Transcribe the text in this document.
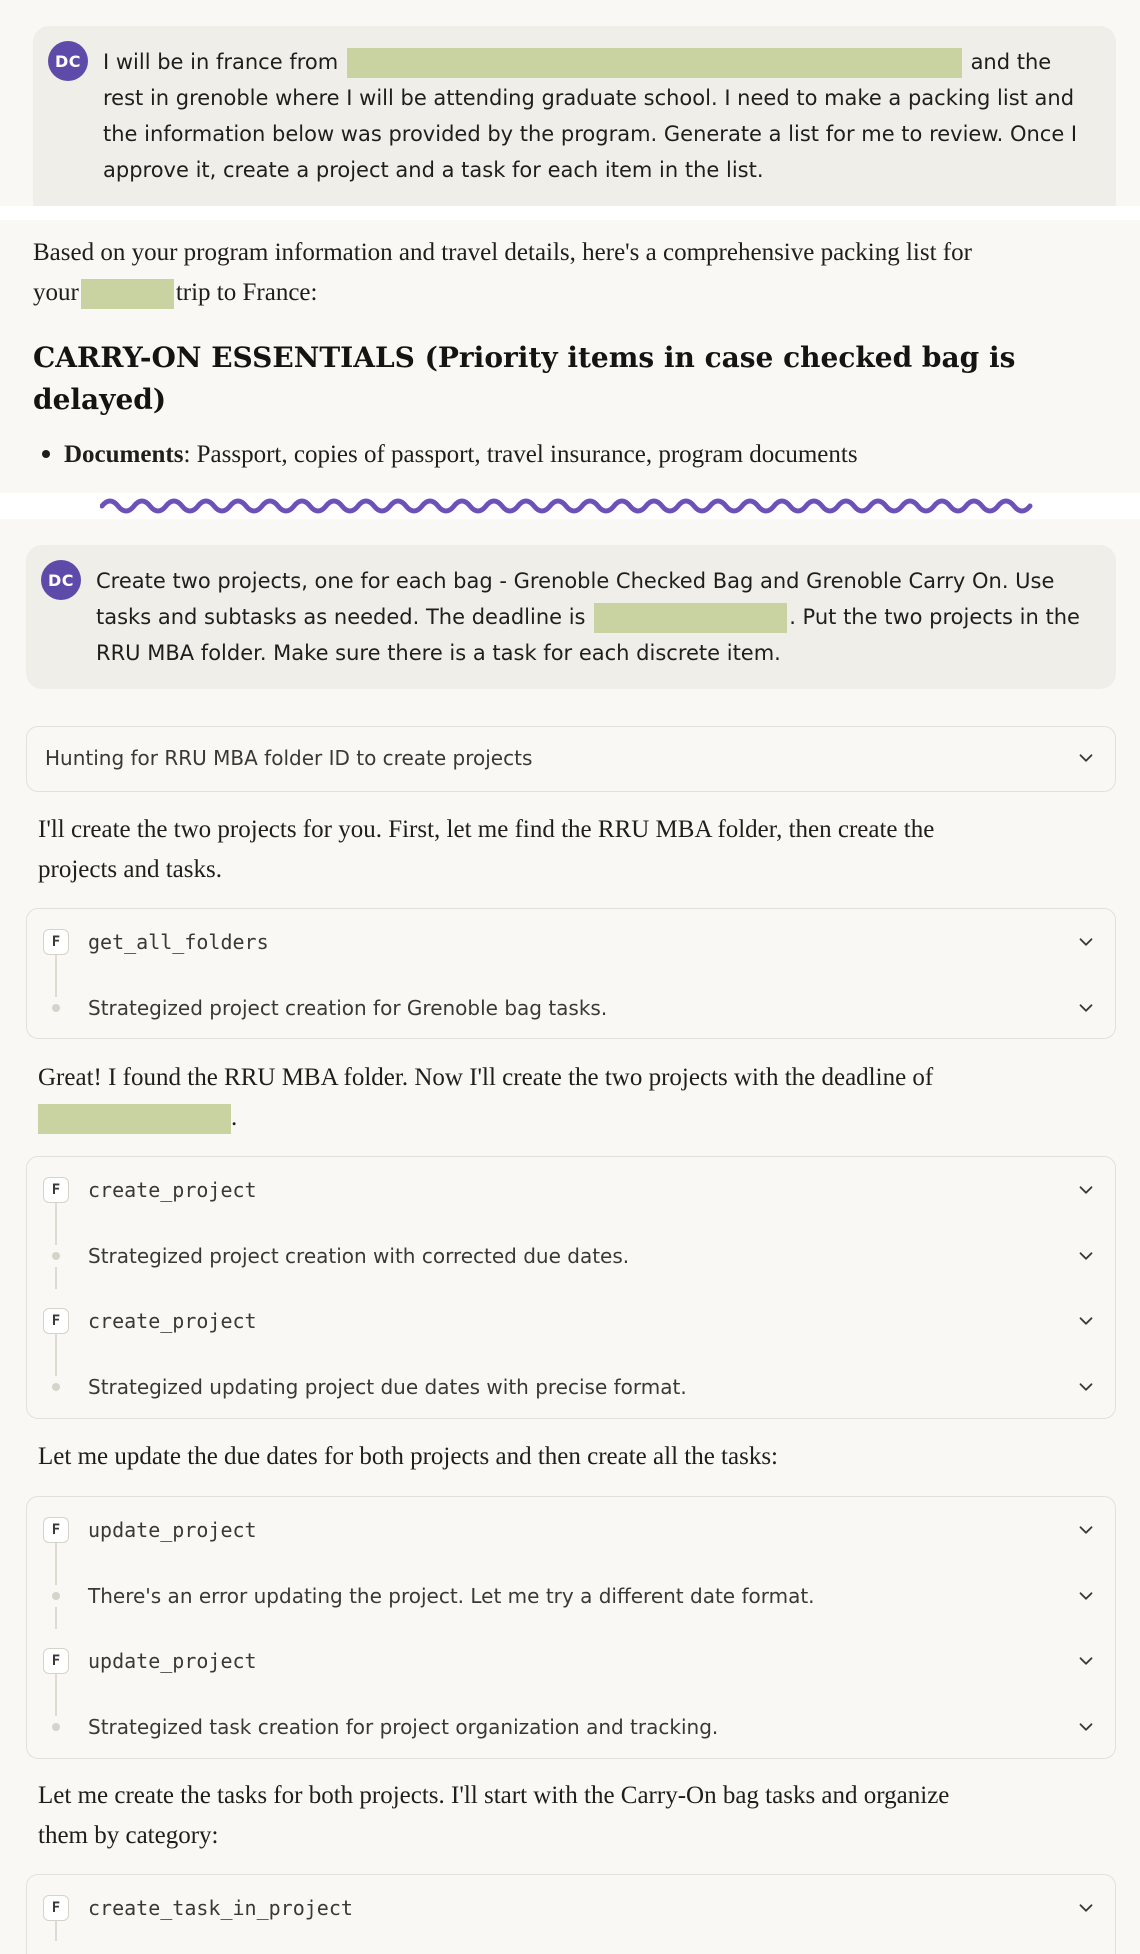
DC	I will be in france from	and the
rest in grenoble where I will be attending graduate school. I need to make a packing list and
the information below was provided by the program. Generate a list for me to review. Once I
approve it, create a project and a task for each item in the list.
Based on your program information and travel details, here's a comprehensive packing list for
your	trip to France:
CARRY-ON ESSENTIALS (Priority items in case checked bag is
delayed)
Documents: Passport, copies of passport, travel insurance, program documents
DC	Create two projects, one for each bag - Grenoble Checked Bag and Grenoble Carry On. Use
tasks and subtasks as needed. The deadline is	. Put the two projects in the
RRU MBA folder. Make sure there is a task for each discrete item.
Hunting for RRU MBA folder ID to create projects
I'll create the two projects for you. First, let me find the RRU MBA folder, then create the
projects and tasks.
F	get_all_folders
Strategized project creation for Grenoble bag tasks.
Great! I found the RRU MBA folder. Now I'll create the two projects with the deadline of
.
F	create_project
Strategized project creation with corrected due dates.
F	create_project
Strategized updating project due dates with precise format.
Let me update the due dates for both projects and then create all the tasks:
F	update_project
There's an error updating the project. Let me try a different date format.
F	update_project
Strategized task creation for project organization and tracking.
Let me create the tasks for both projects. I'll start with the Carry-On bag tasks and organize
them by category:
F	create_task_in_project
